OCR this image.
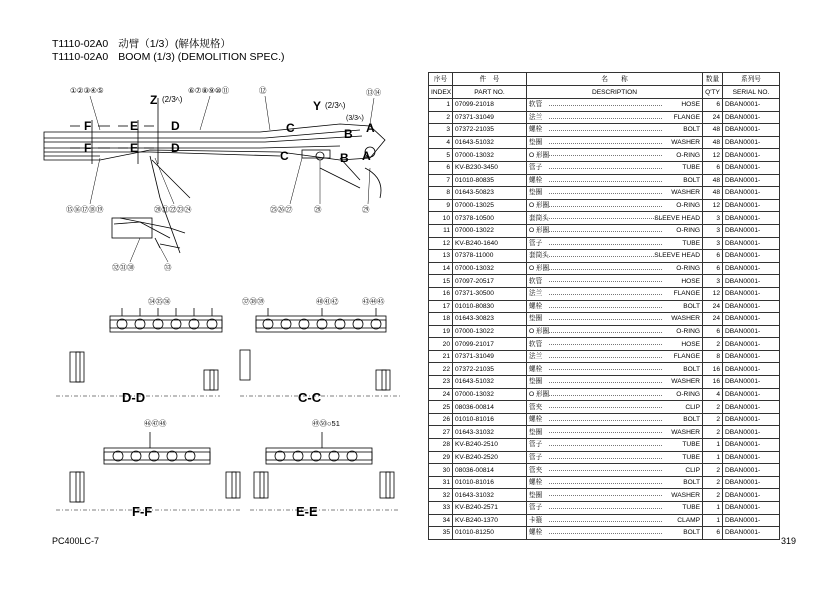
T1110-02A0 动臂（1/3）(解体规格）
T1110-02A0 BOOM (1/3) (DEMOLITION SPEC.)
F	E	D	C	B A
F	E	D
C	B A
Z (2/3ﾍ)	Y (2/3ﾍ)
(3/3ﾍ)
①②③④⑤	⑥⑦⑧⑨⑩⑪	⑫	⑬⑭
⑮⑯⑰⑱⑲	⑳㉑㉒㉓㉔	㉕㉖㉗	㉘	㉙
㉜㉛㉚	㉝
㉞㉟㊱	㊲㊳㊴	㊵㊶㊷	㊸㊹㊺
㊻㊼㊽	㊾㊿○51
D-D	C-C
F-F	E-E
序号	件　号	名　　称	数量	系列号
INDEX	PART NO.	DESCRIPTION	Q'TY	SERIAL NO.
1	07099-21018	软管 HOSE	6	DBAN0001-
2	07371-31049	法兰 FLANGE	24	DBAN0001-
3	07372-21035	螺栓 BOLT	48	DBAN0001-
4	01643-51032	垫圈 WASHER	48	DBAN0001-
5	07000-13032	O 形圈 O-RING	12	DBAN0001-
6	KV-B230-3450	管子 TUBE	6	DBAN0001-
7	01010-80835	螺栓 BOLT	48	DBAN0001-
8	01643-50823	垫圈 WASHER	48	DBAN0001-
9	07000-13025	O 形圈 O-RING	12	DBAN0001-
10	07378-10500	套筒头 SLEEVE HEAD	3	DBAN0001-
11	07000-13022	O 形圈 O-RING	3	DBAN0001-
12	KV-B240-1640	管子 TUBE	3	DBAN0001-
13	07378-11000	套筒头 SLEEVE HEAD	6	DBAN0001-
14	07000-13032	O 形圈 O-RING	6	DBAN0001-
15	07097-20517	软管 HOSE	3	DBAN0001-
16	07371-30500	法兰 FLANGE	12	DBAN0001-
17	01010-80830	螺栓 BOLT	24	DBAN0001-
18	01643-30823	垫圈 WASHER	24	DBAN0001-
19	07000-13022	O 形圈 O-RING	6	DBAN0001-
20	07099-21017	软管 HOSE	2	DBAN0001-
21	07371-31049	法兰 FLANGE	8	DBAN0001-
22	07372-21035	螺栓 BOLT	16	DBAN0001-
23	01643-51032	垫圈 WASHER	16	DBAN0001-
24	07000-13032	O 形圈 O-RING	4	DBAN0001-
25	08036-00814	管夹 CLIP	2	DBAN0001-
26	01010-81016	螺栓 BOLT	2	DBAN0001-
27	01643-31032	垫圈 WASHER	2	DBAN0001-
28	KV-B240-2510	管子 TUBE	1	DBAN0001-
29	KV-B240-2520	管子 TUBE	1	DBAN0001-
30	08036-00814	管夹 CLIP	2	DBAN0001-
31	01010-81016	螺栓 BOLT	2	DBAN0001-
32	01643-31032	垫圈 WASHER	2	DBAN0001-
33	KV-B240-2571	管子 TUBE	1	DBAN0001-
34	KV-B240-1370	卡箍 CLAMP	1	DBAN0001-
35	01010-81250	螺栓 BOLT	6	DBAN0001-
PC400LC-7	319
